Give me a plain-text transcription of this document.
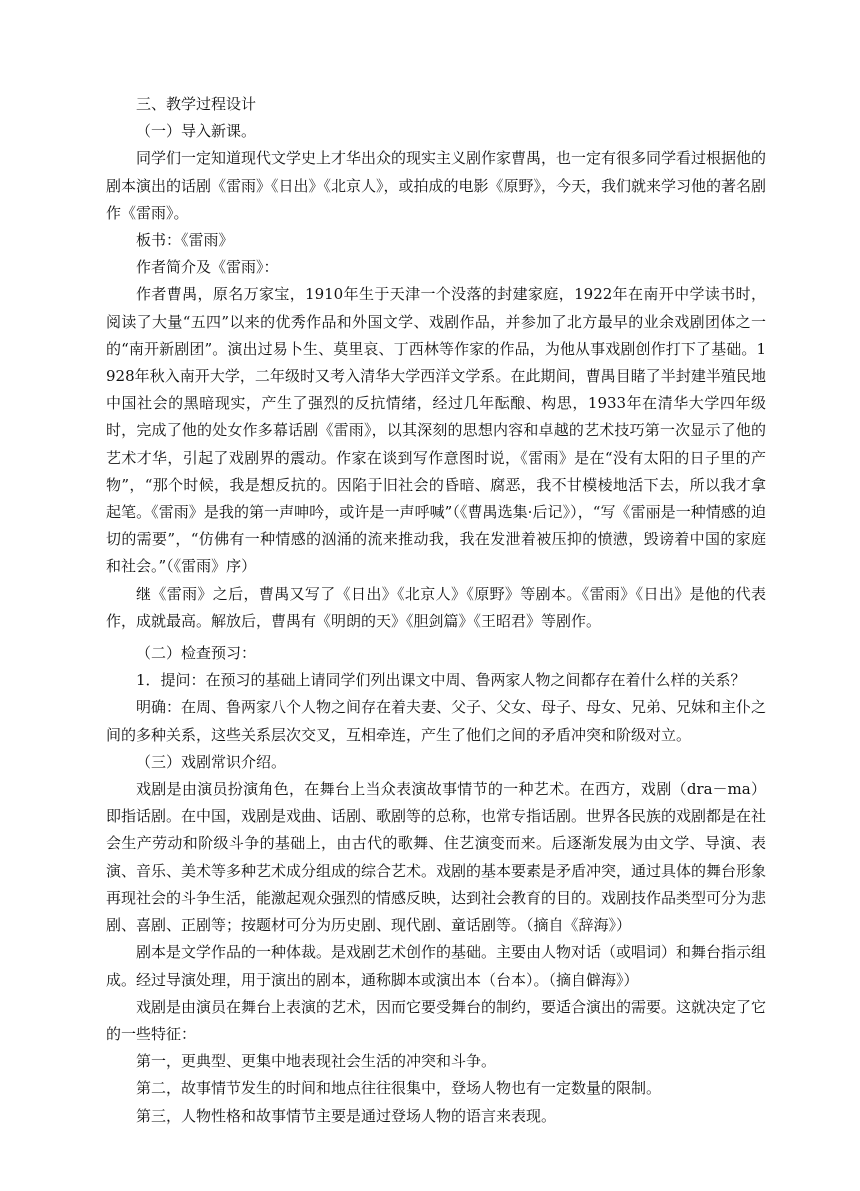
三、教学过程设计

（一）导入新课。

同学们一定知道现代文学史上才华出众的现实主义剧作家曹禺，也一定有很多同学看过根据他的剧本演出的话剧《雷雨》《日出》《北京人》，或拍成的电影《原野》，今天，我们就来学习他的著名剧作《雷雨》。

板书：《雷雨》

作者简介及《雷雨》：

作者曹禺，原名万家宝，1910年生于天津一个没落的封建家庭，1922年在南开中学读书时，阅读了大量“五四”以来的优秀作品和外国文学、戏剧作品，并参加了北方最早的业余戏剧团体之一的“南开新剧团”。演出过易卜生、莫里哀、丁西林等作家的作品，为他从事戏剧创作打下了基础。1928年秋入南开大学，二年级时又考入清华大学西洋文学系。在此期间，曹禺目睹了半封建半殖民地中国社会的黑暗现实，产生了强烈的反抗情绪，经过几年酝酿、构思，1933年在清华大学四年级时，完成了他的处女作多幕话剧《雷雨》，以其深刻的思想内容和卓越的艺术技巧第一次显示了他的艺术才华，引起了戏剧界的震动。作家在谈到写作意图时说，《雷雨》是在“没有太阳的日子里的产物”，“那个时候，我是想反抗的。因陷于旧社会的昏暗、腐恶，我不甘模棱地活下去，所以我才拿起笔。《雷雨》是我的第一声呻吟，或许是一声呼喊”（《曹禺选集·后记》），“写《雷丽是一种情感的迫切的需要”，“仿佛有一种情感的汹涌的流来推动我，我在发泄着被压抑的愤懑，毁谤着中国的家庭和社会。”（《雷雨》序）

继《雷雨》之后，曹禺又写了《日出》《北京人》《原野》等剧本。《雷雨》《日出》是他的代表作，成就最高。解放后，曹禺有《明朗的天》《胆剑篇》《王昭君》等剧作。

（二）检查预习：

1．提问：在预习的基础上请同学们列出课文中周、鲁两家人物之间都存在着什么样的关系？

明确：在周、鲁两家八个人物之间存在着夫妻、父子、父女、母子、母女、兄弟、兄妹和主仆之间的多种关系，这些关系层次交叉，互相牵连，产生了他们之间的矛盾冲突和阶级对立。

（三）戏剧常识介绍。

戏剧是由演员扮演角色，在舞台上当众表演故事情节的一种艺术。在西方，戏剧（dra－ma）即指话剧。在中国，戏剧是戏曲、话剧、歌剧等的总称，也常专指话剧。世界各民族的戏剧都是在社会生产劳动和阶级斗争的基础上，由古代的歌舞、住艺演变而来。后逐渐发展为由文学、导演、表演、音乐、美术等多种艺术成分组成的综合艺术。戏剧的基本要素是矛盾冲突，通过具体的舞台形象再现社会的斗争生活，能激起观众强烈的情感反映，达到社会教育的目的。戏剧技作品类型可分为悲剧、喜剧、正剧等；按题材可分为历史剧、现代剧、童话剧等。（摘自《辞海》）

剧本是文学作品的一种体裁。是戏剧艺术创作的基础。主要由人物对话（或唱词）和舞台指示组成。经过导演处理，用于演出的剧本，通称脚本或演出本（台本）。（摘自僻海》）

戏剧是由演员在舞台上表演的艺术，因而它要受舞台的制约，要适合演出的需要。这就决定了它的一些特征：

第一，更典型、更集中地表现社会生活的冲突和斗争。

第二，故事情节发生的时间和地点往往很集中，登场人物也有一定数量的限制。

第三，人物性格和故事情节主要是通过登场人物的语言来表现。
